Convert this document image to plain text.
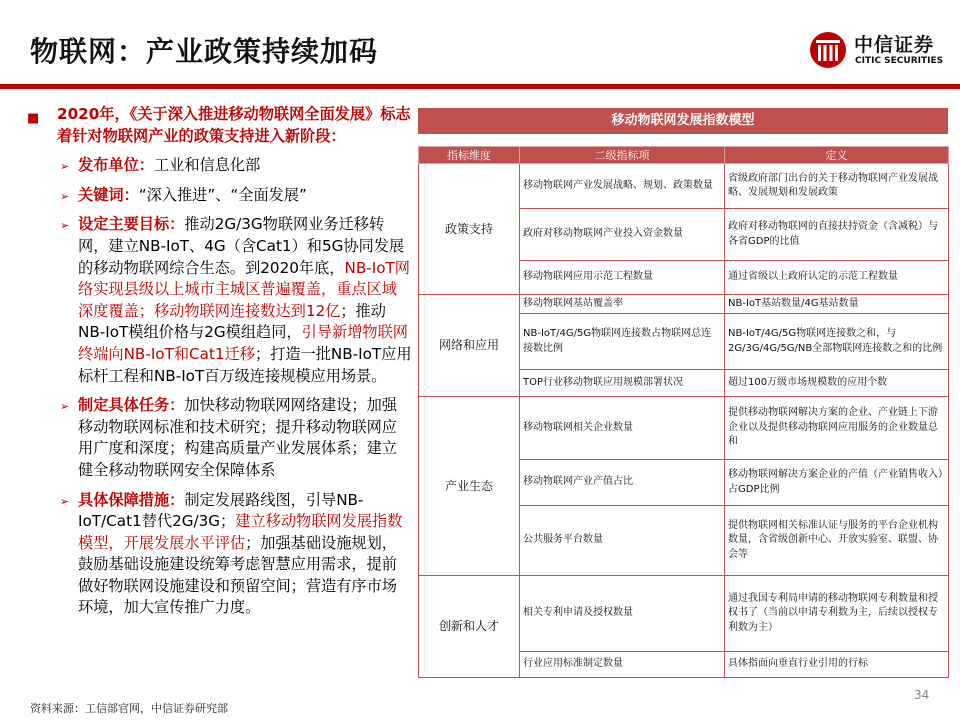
物联网：产业政策持续加码	中信证券
CITIC SECURITIES
■ 2020年，《关于深入推进移动物联网全面发展》标志着针对物联网产业的政策支持进入新阶段：
➢ 发布单位：工业和信息化部
➢ 关键词：“深入推进”、“全面发展”
➢ 设定主要目标：推动2G/3G物联网业务迁移转网，建立NB-IoT、4G（含Cat1）和5G协同发展的移动物联网综合生态。到2020年底，NB-IoT网络实现县级以上城市主城区普遍覆盖，重点区域深度覆盖；移动物联网连接数达到12亿；推动NB-IoT模组价格与2G模组趋同，引导新增物联网终端向NB-IoT和Cat1迁移；打造一批NB-IoT应用标杆工程和NB-IoT百万级连接规模应用场景。
➢ 制定具体任务：加快移动物联网网络建设；加强移动物联网标准和技术研究；提升移动物联网应用广度和深度；构建高质量产业发展体系；建立健全移动物联网安全保障体系
➢ 具体保障措施：制定发展路线图，引导NB-IoT/Cat1替代2G/3G；建立移动物联网发展指数模型，开展发展水平评估；加强基础设施规划，鼓励基础设施建设统筹考虑智慧应用需求，提前做好物联网设施建设和预留空间；营造有序市场环境，加大宣传推广力度。
移动物联网发展指数模型
指标维度	二级指标项	定义
政策支持	移动物联网产业发展战略、规划、政策数量	省级政府部门出台的关于移动物联网产业发展战略、发展规划和发展政策
	政府对移动物联网产业投入资金数量	政府对移动物联网的直接扶持资金（含减税）与各省GDP的比值
	移动物联网应用示范工程数量	通过省级以上政府认定的示范工程数量
网络和应用	移动物联网基站覆盖率	NB-IoT基站数量/4G基站数量
	NB-IoT/4G/5G物联网连接数占物联网总连接数比例	NB-IoT/4G/5G物联网连接数之和，与2G/3G/4G/5G/NB全部物联网连接数之和的比例
	TOP行业移动物联应用规模部署状况	超过100万级市场规模数的应用个数
产业生态	移动物联网相关企业数量	提供移动物联网解决方案的企业、产业链上下游企业以及提供移动物联网应用服务的企业数量总和
	移动物联网产业产值占比	移动物联网解决方案企业的产值（产业销售收入）占GDP比例
	公共服务平台数量	提供物联网相关标准认证与服务的平台企业机构数量，含省级创新中心、开放实验室、联盟、协会等
创新和人才	相关专利申请及授权数量	通过我国专利局申请的移动物联网专利数量和授权书了（当前以申请专利数为主，后续以授权专利数为主）
	行业应用标准制定数量	具体指面向垂直行业引用的行标
34
资料来源：工信部官网，中信证券研究部
